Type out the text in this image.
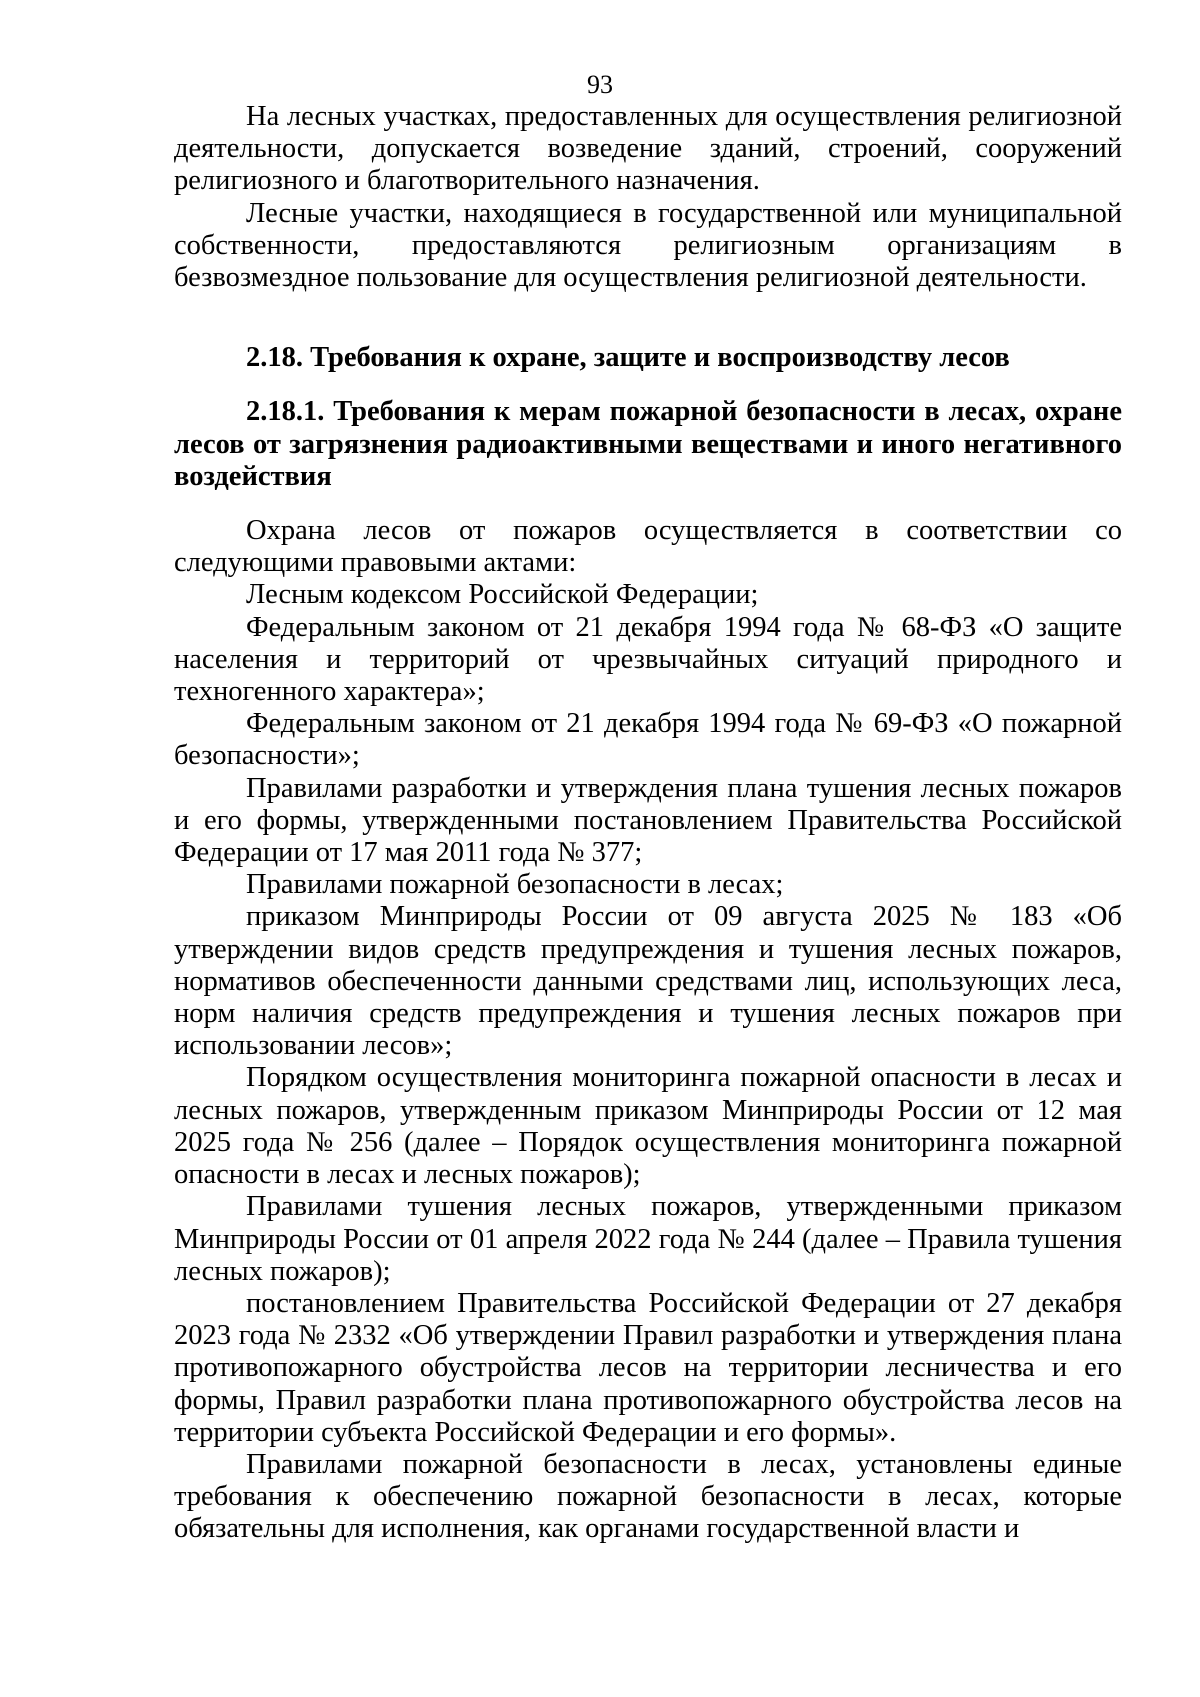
93

На лесных участках, предоставленных для осуществления религиозной деятельности, допускается возведение зданий, строений, сооружений религиозного и благотворительного назначения.

Лесные участки, находящиеся в государственной или муниципальной собственности, предоставляются религиозным организациям в безвозмездное пользование для осуществления религиозной деятельности.

2.18. Требования к охране, защите и воспроизводству лесов
2.18.1. Требования к мерам пожарной безопасности в лесах, охране лесов от загрязнения радиоактивными веществами и иного негативного воздействия

Охрана лесов от пожаров осуществляется в соответствии со следующими правовыми актами:

Лесным кодексом Российской Федерации;

Федеральным законом от 21 декабря 1994 года № 68-ФЗ «О защите населения и территорий от чрезвычайных ситуаций природного и техногенного характера»;

Федеральным законом от 21 декабря 1994 года № 69-ФЗ «О пожарной безопасности»;

Правилами разработки и утверждения плана тушения лесных пожаров и его формы, утвержденными постановлением Правительства Российской Федерации от 17 мая 2011 года № 377;

Правилами пожарной безопасности в лесах;

приказом Минприроды России от 09 августа 2025 № 183 «Об утверждении видов средств предупреждения и тушения лесных пожаров, нормативов обеспеченности данными средствами лиц, использующих леса, норм наличия средств предупреждения и тушения лесных пожаров при использовании лесов»;

Порядком осуществления мониторинга пожарной опасности в лесах и лесных пожаров, утвержденным приказом Минприроды России от 12 мая 2025 года № 256 (далее – Порядок осуществления мониторинга пожарной опасности в лесах и лесных пожаров);

Правилами тушения лесных пожаров, утвержденными приказом Минприроды России от 01 апреля 2022 года № 244 (далее – Правила тушения лесных пожаров);

постановлением Правительства Российской Федерации от 27 декабря 2023 года № 2332 «Об утверждении Правил разработки и утверждения плана противопожарного обустройства лесов на территории лесничества и его формы, Правил разработки плана противопожарного обустройства лесов на территории субъекта Российской Федерации и его формы».

Правилами пожарной безопасности в лесах, установлены единые требования к обеспечению пожарной безопасности в лесах, которые обязательны для исполнения, как органами государственной власти и
